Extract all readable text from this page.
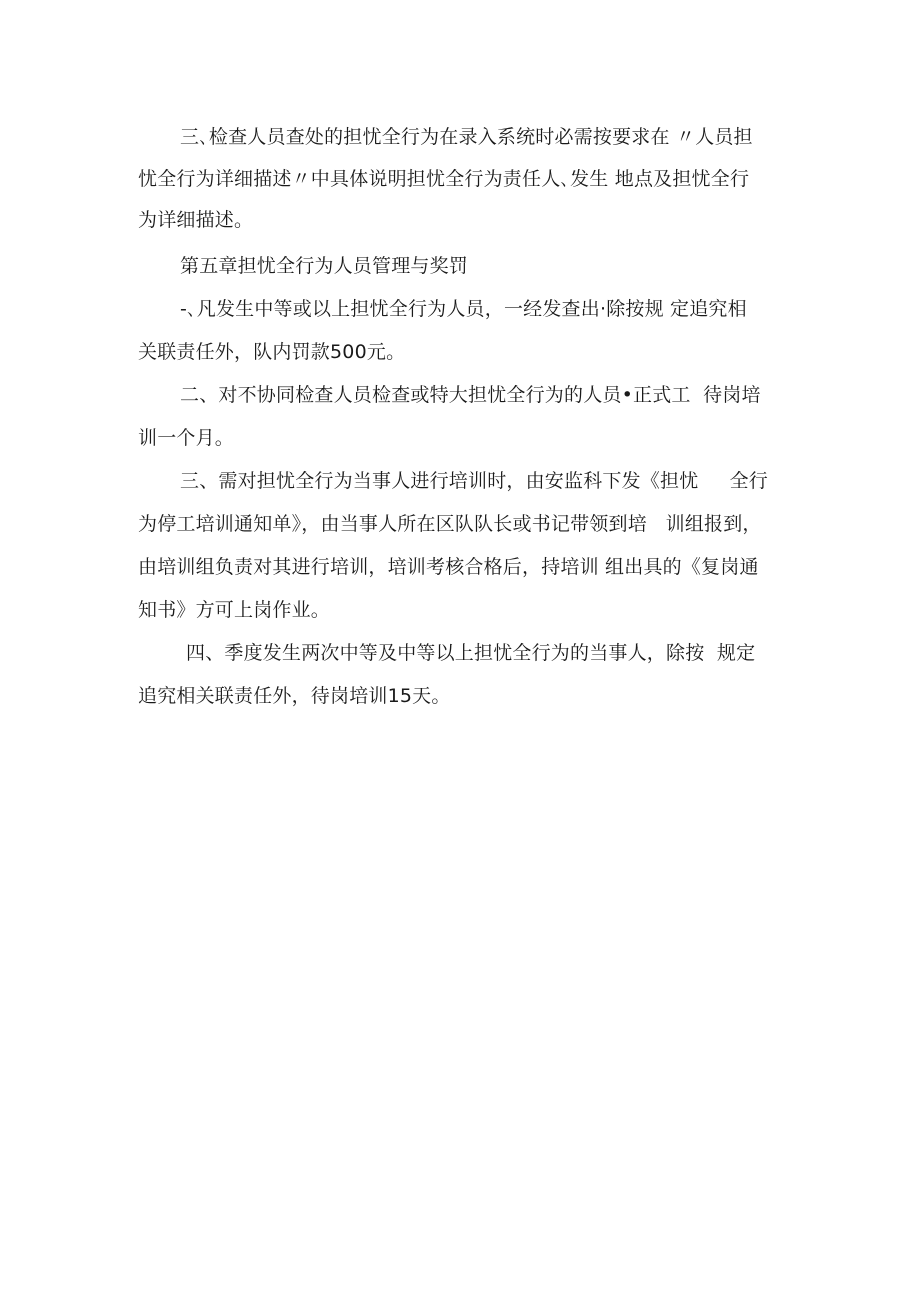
三､检查人员查处的担忧全行为在录入系统时必需按要求在 〃人员担
忧全行为详细描述〃中具体说明担忧全行为责任人､发生 地点及担忧全行
为详细描述。
第五章担忧全行为人员管理与奖罚
-､凡发生中等或以上担忧全行为人员，一经发查出·除按规 定追究相
关联责任外，队内罚款500元。
二、对不协同检查人员检查或特大担忧全行为的人员•正式工  待岗培
训一个月。
三、需对担忧全行为当事人进行培训时，由安监科下发《担忧     全行
为停工培训通知单》，由当事人所在区队队长或书记带领到培   训组报到，
由培训组负责对其进行培训，培训考核合格后，持培训 组出具的《复岗通
知书》方可上岗作业。
四、季度发生两次中等及中等以上担忧全行为的当事人，除按  规定
追究相关联责任外，待岗培训15天。
